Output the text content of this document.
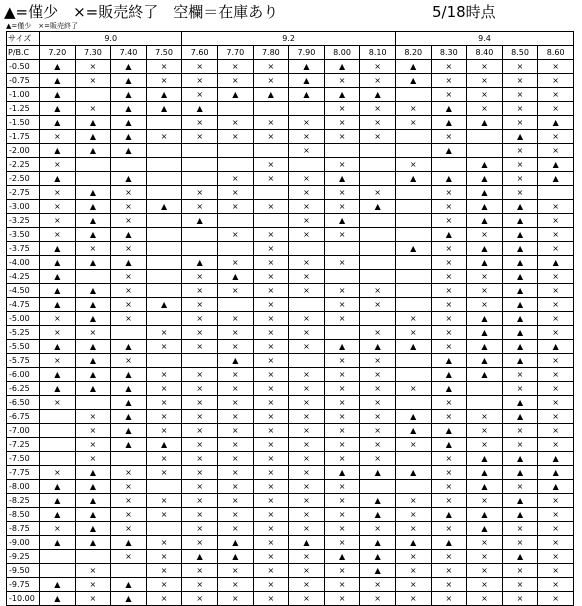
▲=僅少　×=販売終了　空欄＝在庫あり	5/18時点
▲=僅少　×=販売終了
サイズ	9.0				9.2						9.4				
P/B.C	7.20	7.30	7.40	7.50	7.60	7.70	7.80	7.90	8.00	8.10	8.20	8.30	8.40	8.50	8.60
-0.50	▲	×	▲	×	×	×	×	▲	▲	×	▲	×	×	×	×
-0.75	▲	×	▲	×	×	×	×	▲	×	×	▲	×	×	×	×
-1.00	▲		▲	▲	×	▲	▲	▲	▲	▲		×	×	×	×
-1.25	▲	×	▲	▲	▲				×	×	×	▲	×	×	×
-1.50	▲	▲	▲		×	×	×	×	×	×	×	▲	▲	×	▲
-1.75	×	▲	▲	×	×	×	×	×	×	×		×		▲	×
-2.00	▲	▲	▲					×				▲		×	×
-2.25	×						×		×		×		▲	×	▲
-2.50	▲		▲			×	×	×	▲		▲	▲	▲	×	▲
-2.75	×	▲	×		×	×		×	×	×		×	▲	×	
-3.00	×	▲	×	▲	×	×	×	×	×	▲		×	▲	▲	×
-3.25	×	▲	×		▲			×	▲			×	▲	▲	×
-3.50	×	▲	▲			×	×	×	×			▲	×	▲	×
-3.75	▲	×	×				×				▲	×	▲	▲	×
-4.00	▲	▲	▲		▲	×	×	×	×			×	▲	▲	▲
-4.25	▲		×		×	▲	×	×				×	×	▲	×
-4.50	▲	▲	×		×	×	×	×	×	×		×	×	▲	×
-4.75	▲	▲	×	▲	×		×		×	×		×	×	▲	×
-5.00	×	▲	×		×	×	×	×	×		×	×	▲	▲	×
-5.25	×	×		×	×	×	×	×		×	×	×	▲	▲	×
-5.50	▲	▲	▲	×	×	×	×	×	▲	▲	▲	×	▲	▲	▲
-5.75	×	▲	×			▲	×		×	×		▲	▲	▲	×
-6.00	▲	▲	▲	×	×	×	×	×	×	×		▲	▲	×	×
-6.25	▲	▲	▲	×	×	×	×	×	×	×	×	▲		×	×
-6.50	×		▲	×	×	×	×	×	×	×		×		▲	×
-6.75		×	▲	×	×	×	×	×	×	×	▲	×	×	▲	×
-7.00		×	▲	×	×	×	×	×	×	×	▲	▲	×	×	×
-7.25		×	▲	▲	×	×	×	×	×	×	×	▲	×	×	×
-7.50		×		×	×	×	×	×	×	×		×	▲	▲	▲
-7.75	×	▲	×	×	×	×	×	×	▲	▲	▲	×	▲	▲	▲
-8.00	▲	▲	×		×	×	×	×	×			×	▲	×	▲
-8.25	▲	▲	×	×	×	×	×	×	×	▲	×	×	×	▲	×
-8.50	▲	▲	×	×	×	×	×	×	×	▲	×	▲	▲	▲	×
-8.75	×	▲	×		×	×	×	×	×	×	×	×	▲	×	×
-9.00	▲	▲	▲	×	×	▲	×	▲	×	▲	▲	▲	×	×	×
-9.25			×	×	▲	▲	×	×	▲	▲	×	×	×	▲	×
-9.50		×		×	×	×	×	×	×	▲	×	×	×	×	×
-9.75	▲	×	▲	×	×	×	×	×	×	×	×	×	×	×	×
-10.00	▲	×	▲	×	×	×	×	×	×	×	×	×	×	×	×
